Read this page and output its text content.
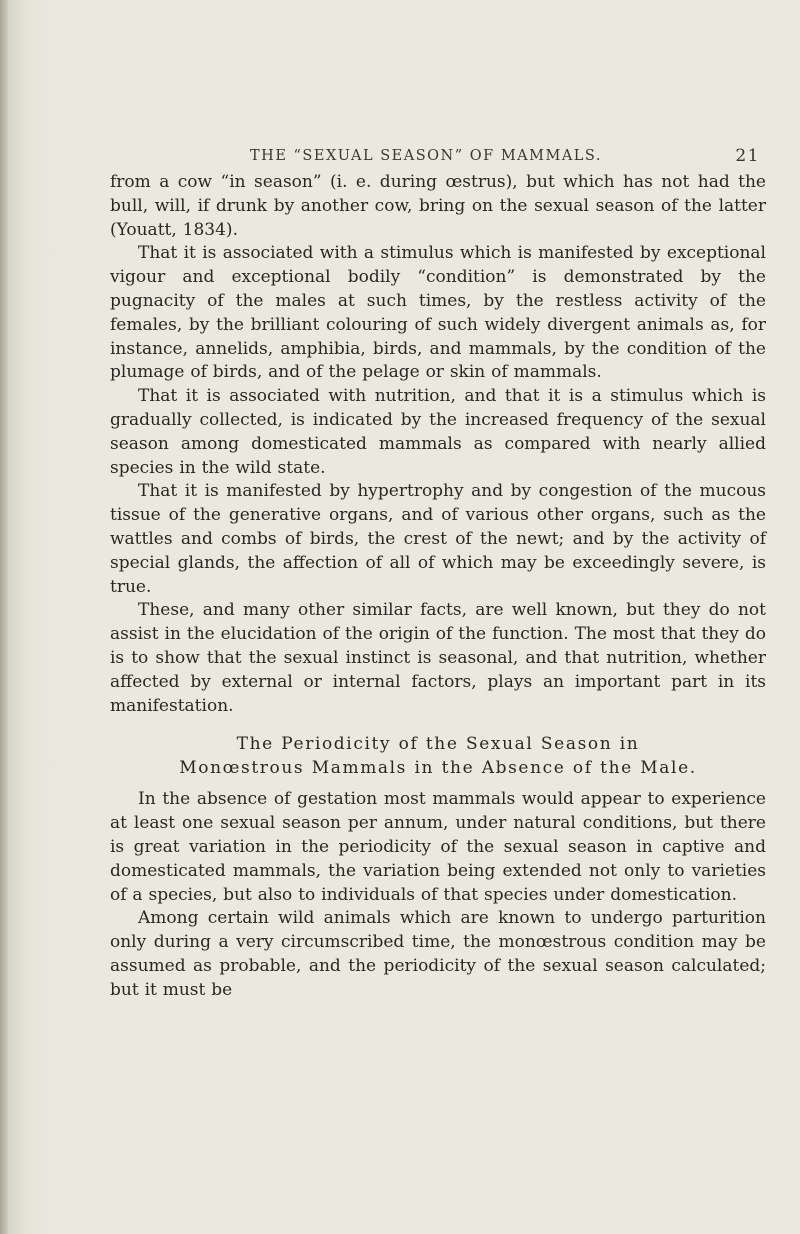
THE “SEXUAL SEASON” OF MAMMALS.	21

from a cow “in season” (i. e. during œstrus), but which has not had the bull, will, if drunk by another cow, bring on the sexual season of the latter (Youatt, 1834).

That it is associated with a stimulus which is manifested by exceptional vigour and exceptional bodily “condition” is demonstrated by the pugnacity of the males at such times, by the restless activity of the females, by the brilliant colouring of such widely divergent animals as, for instance, annelids, amphibia, birds, and mammals, by the condition of the plumage of birds, and of the pelage or skin of mammals.

That it is associated with nutrition, and that it is a stimulus which is gradually collected, is indicated by the increased frequency of the sexual season among domesticated mammals as compared with nearly allied species in the wild state.

That it is manifested by hypertrophy and by congestion of the mucous tissue of the generative organs, and of various other organs, such as the wattles and combs of birds, the crest of the newt; and by the activity of special glands, the affection of all of which may be exceedingly severe, is true.

These, and many other similar facts, are well known, but they do not assist in the elucidation of the origin of the function. The most that they do is to show that the sexual instinct is seasonal, and that nutrition, whether affected by external or internal factors, plays an important part in its manifestation.

The Periodicity of the Sexual Season in
Monœstrous Mammals in the Absence of the Male.

In the absence of gestation most mammals would appear to experience at least one sexual season per annum, under natural conditions, but there is great variation in the periodicity of the sexual season in captive and domesticated mammals, the variation being extended not only to varieties of a species, but also to individuals of that species under domestication.

Among certain wild animals which are known to undergo parturition only during a very circumscribed time, the monœstrous condition may be assumed as probable, and the periodicity of the sexual season calculated; but it must be
